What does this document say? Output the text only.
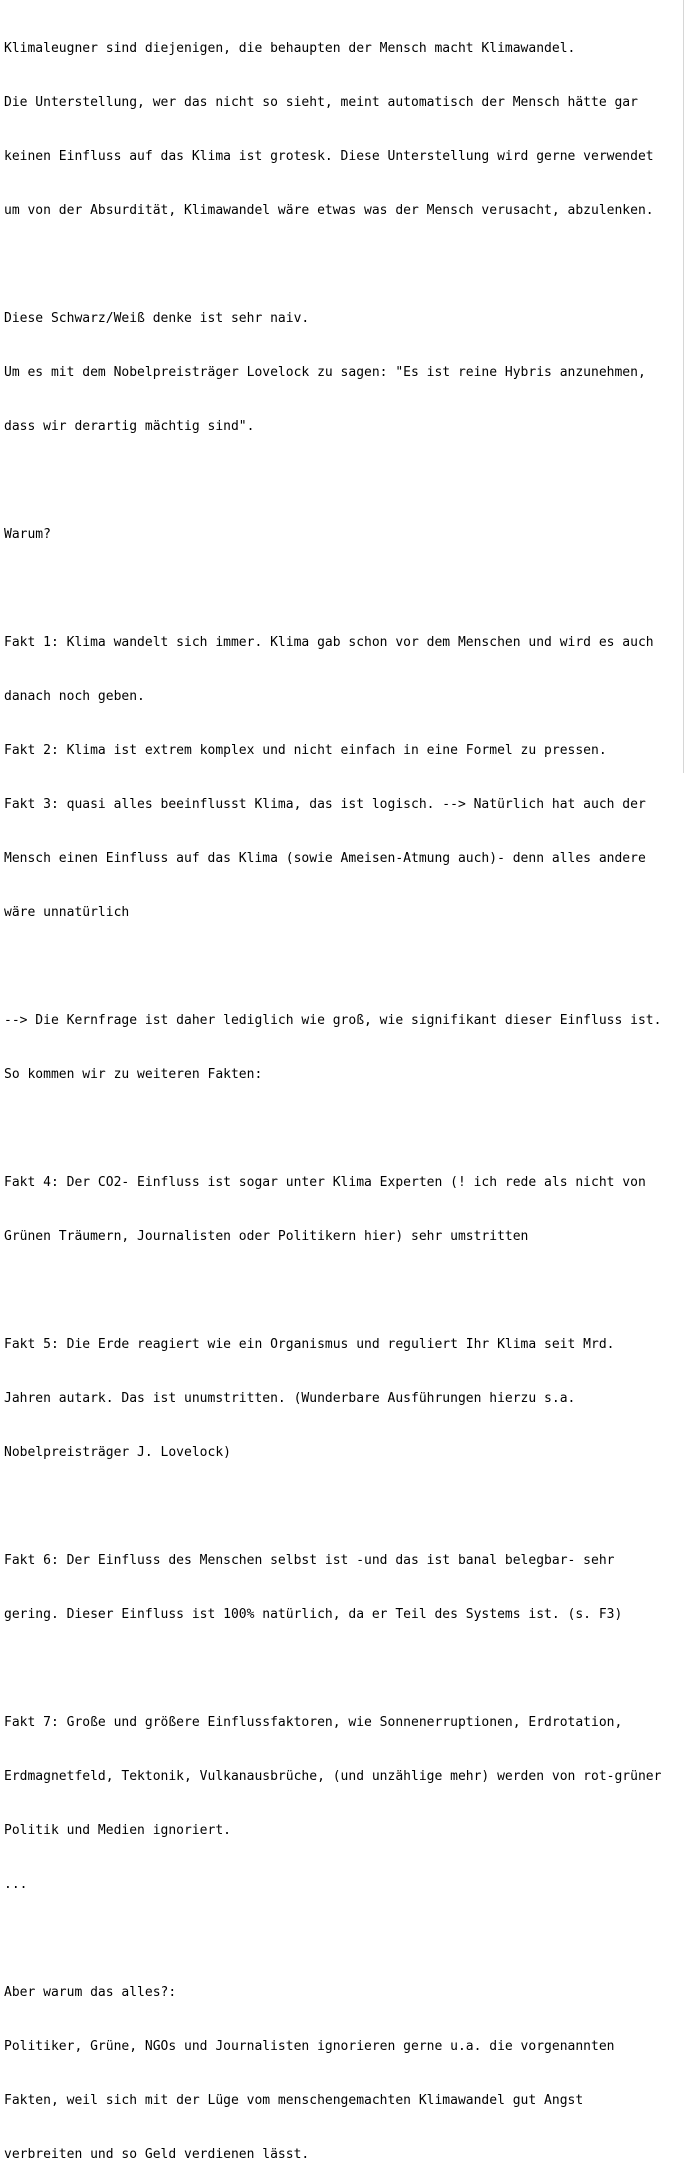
Klimaleugner sind diejenigen, die behaupten der Mensch macht Klimawandel.

Die Unterstellung, wer das nicht so sieht, meint automatisch der Mensch hätte gar

keinen Einfluss auf das Klima ist grotesk. Diese Unterstellung wird gerne verwendet

um von der Absurdität, Klimawandel wäre etwas was der Mensch verusacht, abzulenken.

Diese Schwarz/Weiß denke ist sehr naiv.

Um es mit dem Nobelpreisträger Lovelock zu sagen: "Es ist reine Hybris anzunehmen,

dass wir derartig mächtig sind".

Warum?

Fakt 1: Klima wandelt sich immer. Klima gab schon vor dem Menschen und wird es auch

danach noch geben.

Fakt 2: Klima ist extrem komplex und nicht einfach in eine Formel zu pressen.

Fakt 3: quasi alles beeinflusst Klima, das ist logisch. --> Natürlich hat auch der

Mensch einen Einfluss auf das Klima (sowie Ameisen-Atmung auch)- denn alles andere

wäre unnatürlich

--> Die Kernfrage ist daher lediglich wie groß, wie signifikant dieser Einfluss ist.

So kommen wir zu weiteren Fakten:

Fakt 4: Der CO2- Einfluss ist sogar unter Klima Experten (! ich rede als nicht von

Grünen Träumern, Journalisten oder Politikern hier) sehr umstritten

Fakt 5: Die Erde reagiert wie ein Organismus und reguliert Ihr Klima seit Mrd.

Jahren autark. Das ist unumstritten. (Wunderbare Ausführungen hierzu s.a.

Nobelpreisträger J. Lovelock)

Fakt 6: Der Einfluss des Menschen selbst ist -und das ist banal belegbar- sehr

gering. Dieser Einfluss ist 100% natürlich, da er Teil des Systems ist. (s. F3)

Fakt 7: Große und größere Einflussfaktoren, wie Sonnenerruptionen, Erdrotation,

Erdmagnetfeld, Tektonik, Vulkanausbrüche, (und unzählige mehr) werden von rot-grüner

Politik und Medien ignoriert.

...

Aber warum das alles?:

Politiker, Grüne, NGOs und Journalisten ignorieren gerne u.a. die vorgenannten

Fakten, weil sich mit der Lüge vom menschengemachten Klimawandel gut Angst

verbreiten und so Geld verdienen lässt.
